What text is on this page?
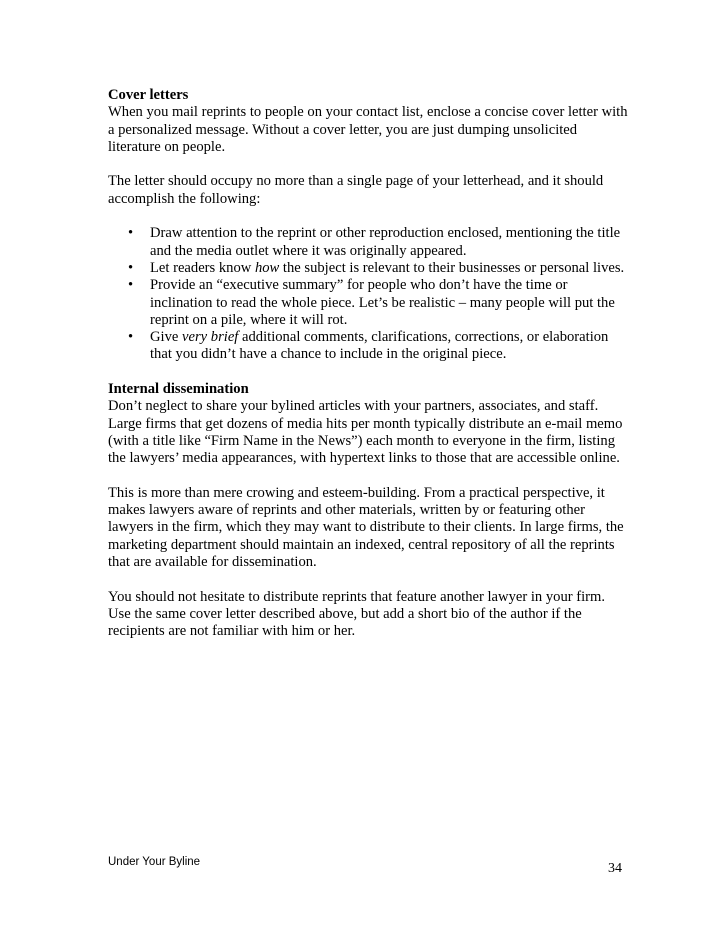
Cover letters

When you mail reprints to people on your contact list, enclose a concise cover letter with a personalized message. Without a cover letter, you are just dumping unsolicited literature on people.

The letter should occupy no more than a single page of your letterhead, and it should accomplish the following:

• Draw attention to the reprint or other reproduction enclosed, mentioning the title and the media outlet where it was originally appeared.
• Let readers know how the subject is relevant to their businesses or personal lives.
• Provide an “executive summary” for people who don’t have the time or inclination to read the whole piece. Let’s be realistic – many people will put the reprint on a pile, where it will rot.
• Give very brief additional comments, clarifications, corrections, or elaboration that you didn’t have a chance to include in the original piece.
Internal dissemination

Don’t neglect to share your bylined articles with your partners, associates, and staff. Large firms that get dozens of media hits per month typically distribute an e-mail memo (with a title like “Firm Name in the News”) each month to everyone in the firm, listing the lawyers’ media appearances, with hypertext links to those that are accessible online.

This is more than mere crowing and esteem-building. From a practical perspective, it makes lawyers aware of reprints and other materials, written by or featuring other lawyers in the firm, which they may want to distribute to their clients. In large firms, the marketing department should maintain an indexed, central repository of all the reprints that are available for dissemination.

You should not hesitate to distribute reprints that feature another lawyer in your firm. Use the same cover letter described above, but add a short bio of the author if the recipients are not familiar with him or her.

Under Your Byline	34
